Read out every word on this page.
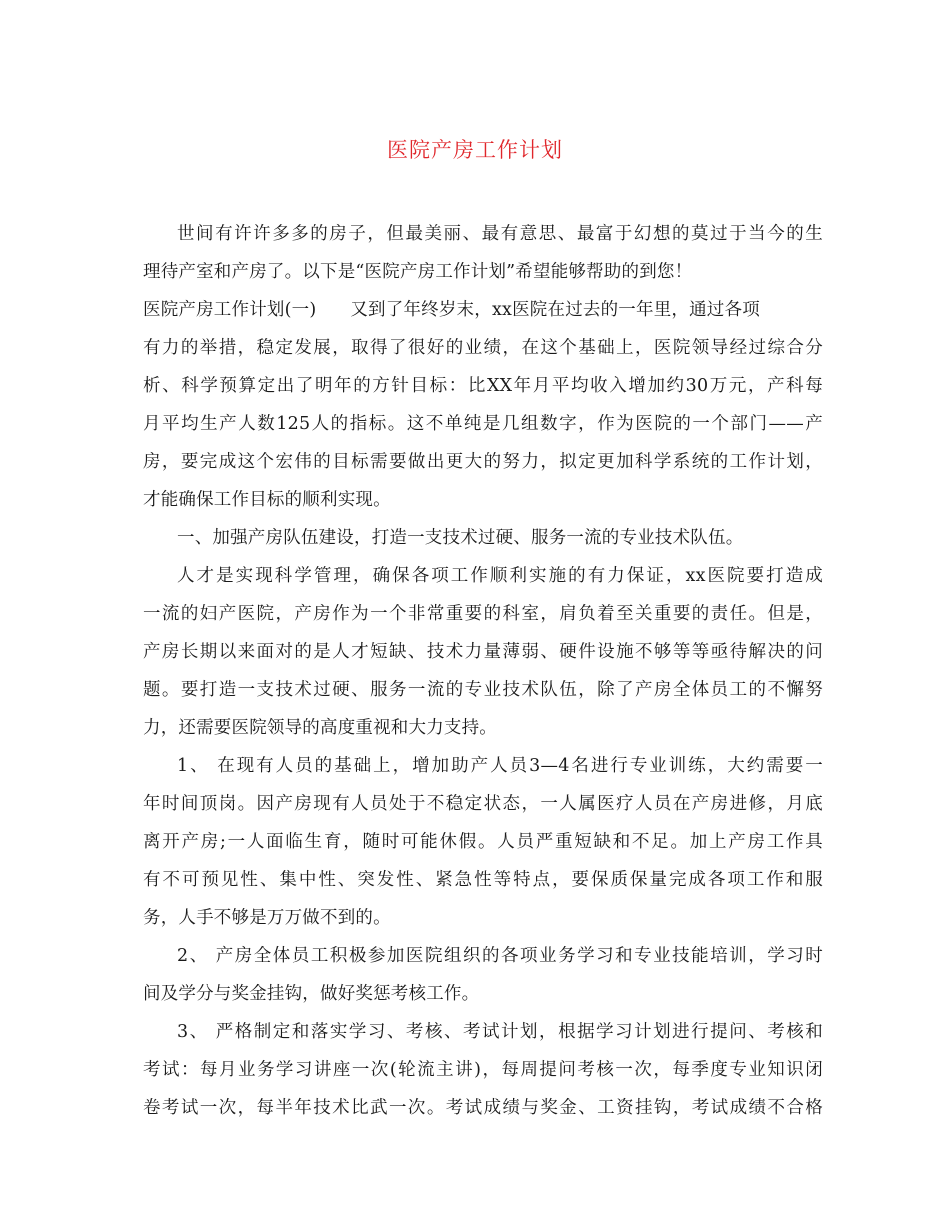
医院产房工作计划
世间有许许多多的房子，但最美丽、最有意思、最富于幻想的莫过于当今的生
理待产室和产房了。以下是“医院产房工作计划”希望能够帮助的到您！
医院产房工作计划(一) 又到了年终岁末，xx医院在过去的一年里，通过各项
有力的举措，稳定发展，取得了很好的业绩，在这个基础上，医院领导经过综合分
析、科学预算定出了明年的方针目标：比XX年月平均收入增加约30万元，产科每
月平均生产人数125人的指标。这不单纯是几组数字，作为医院的一个部门——产
房，要完成这个宏伟的目标需要做出更大的努力，拟定更加科学系统的工作计划，
才能确保工作目标的顺利实现。
一、加强产房队伍建设，打造一支技术过硬、服务一流的专业技术队伍。
人才是实现科学管理，确保各项工作顺利实施的有力保证，xx医院要打造成
一流的妇产医院，产房作为一个非常重要的科室，肩负着至关重要的责任。但是，
产房长期以来面对的是人才短缺、技术力量薄弱、硬件设施不够等等亟待解决的问
题。要打造一支技术过硬、服务一流的专业技术队伍，除了产房全体员工的不懈努
力，还需要医院领导的高度重视和大力支持。
1、 在现有人员的基础上，增加助产人员3—4名进行专业训练，大约需要一
年时间顶岗。因产房现有人员处于不稳定状态，一人属医疗人员在产房进修，月底
离开产房;一人面临生育，随时可能休假。人员严重短缺和不足。加上产房工作具
有不可预见性、集中性、突发性、紧急性等特点，要保质保量完成各项工作和服
务，人手不够是万万做不到的。
2、 产房全体员工积极参加医院组织的各项业务学习和专业技能培训，学习时
间及学分与奖金挂钩，做好奖惩考核工作。
3、 严格制定和落实学习、考核、考试计划，根据学习计划进行提问、考核和
考试：每月业务学习讲座一次(轮流主讲)，每周提问考核一次，每季度专业知识闭
卷考试一次，每半年技术比武一次。考试成绩与奖金、工资挂钩，考试成绩不合格
